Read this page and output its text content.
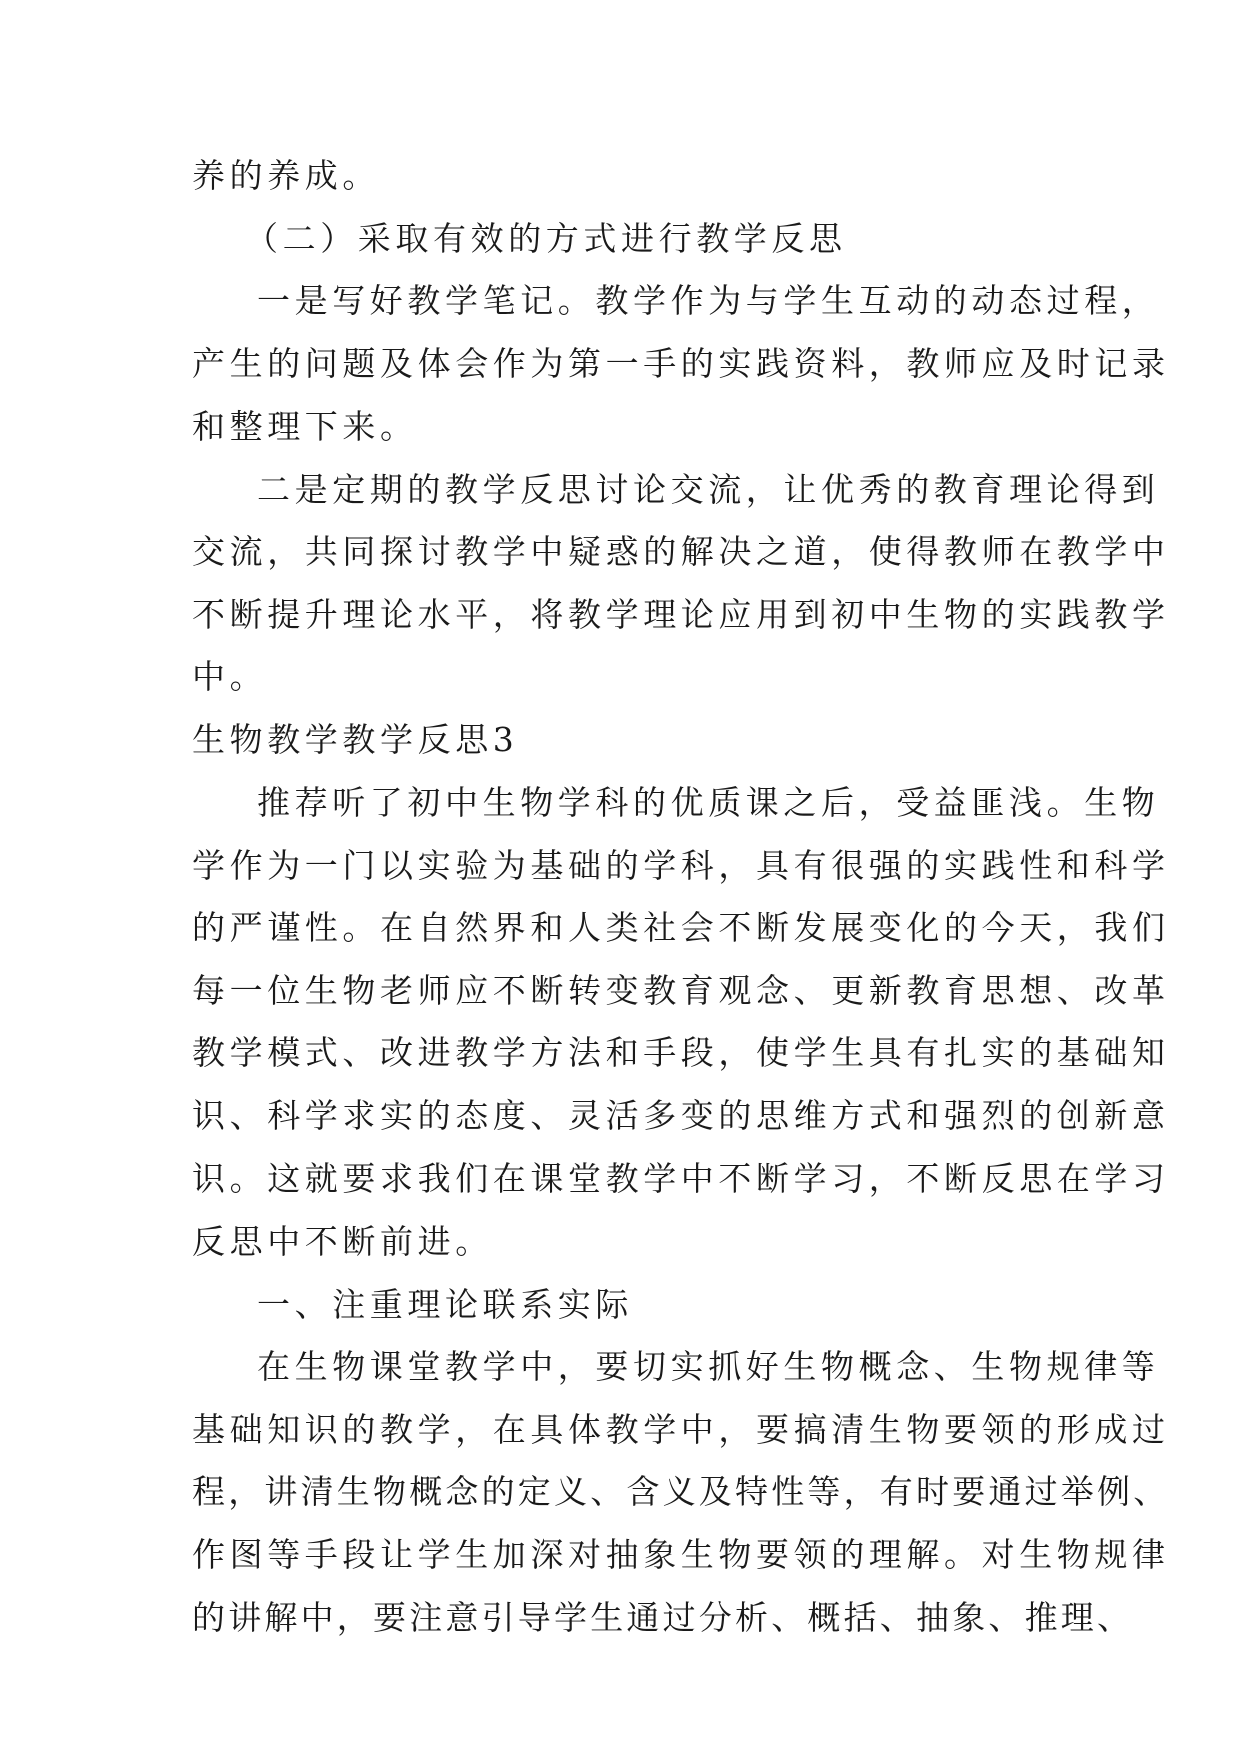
养的养成。
（二）采取有效的方式进行教学反思
一是写好教学笔记。教学作为与学生互动的动态过程，
产生的问题及体会作为第一手的实践资料，教师应及时记录
和整理下来。
二是定期的教学反思讨论交流，让优秀的教育理论得到
交流，共同探讨教学中疑惑的解决之道，使得教师在教学中
不断提升理论水平，将教学理论应用到初中生物的实践教学
中。
生物教学教学反思3
推荐听了初中生物学科的优质课之后，受益匪浅。生物
学作为一门以实验为基础的学科，具有很强的实践性和科学
的严谨性。在自然界和人类社会不断发展变化的今天，我们
每一位生物老师应不断转变教育观念、更新教育思想、改革
教学模式、改进教学方法和手段，使学生具有扎实的基础知
识、科学求实的态度、灵活多变的思维方式和强烈的创新意
识。这就要求我们在课堂教学中不断学习，不断反思在学习
反思中不断前进。
一、注重理论联系实际
在生物课堂教学中，要切实抓好生物概念、生物规律等
基础知识的教学，在具体教学中，要搞清生物要领的形成过
程，讲清生物概念的定义、含义及特性等，有时要通过举例、
作图等手段让学生加深对抽象生物要领的理解。对生物规律
的讲解中，要注意引导学生通过分析、概括、抽象、推理、
